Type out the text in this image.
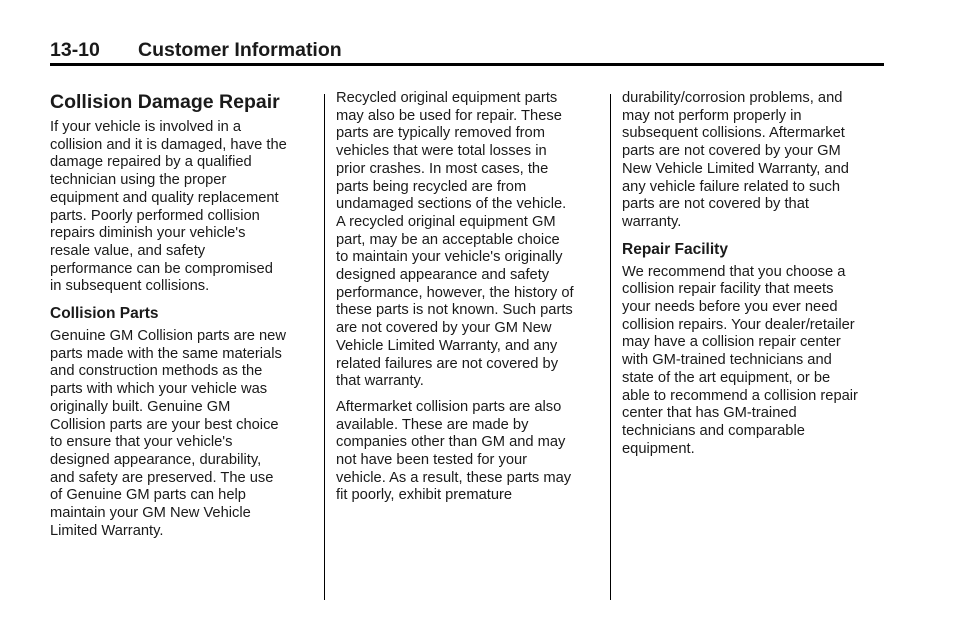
13-10 Customer Information
Collision Damage Repair

If your vehicle is involved in a
collision and it is damaged, have the
damage repaired by a qualified
technician using the proper
equipment and quality replacement
parts. Poorly performed collision
repairs diminish your vehicle's
resale value, and safety
performance can be compromised
in subsequent collisions.

Collision Parts

Genuine GM Collision parts are new
parts made with the same materials
and construction methods as the
parts with which your vehicle was
originally built. Genuine GM
Collision parts are your best choice
to ensure that your vehicle's
designed appearance, durability,
and safety are preserved. The use
of Genuine GM parts can help
maintain your GM New Vehicle
Limited Warranty.

Recycled original equipment parts
may also be used for repair. These
parts are typically removed from
vehicles that were total losses in
prior crashes. In most cases, the
parts being recycled are from
undamaged sections of the vehicle.
A recycled original equipment GM
part, may be an acceptable choice
to maintain your vehicle's originally
designed appearance and safety
performance, however, the history of
these parts is not known. Such parts
are not covered by your GM New
Vehicle Limited Warranty, and any
related failures are not covered by
that warranty.

Aftermarket collision parts are also
available. These are made by
companies other than GM and may
not have been tested for your
vehicle. As a result, these parts may
fit poorly, exhibit premature

durability/corrosion problems, and
may not perform properly in
subsequent collisions. Aftermarket
parts are not covered by your GM
New Vehicle Limited Warranty, and
any vehicle failure related to such
parts are not covered by that
warranty.

Repair Facility

We recommend that you choose a
collision repair facility that meets
your needs before you ever need
collision repairs. Your dealer/retailer
may have a collision repair center
with GM-trained technicians and
state of the art equipment, or be
able to recommend a collision repair
center that has GM-trained
technicians and comparable
equipment.
